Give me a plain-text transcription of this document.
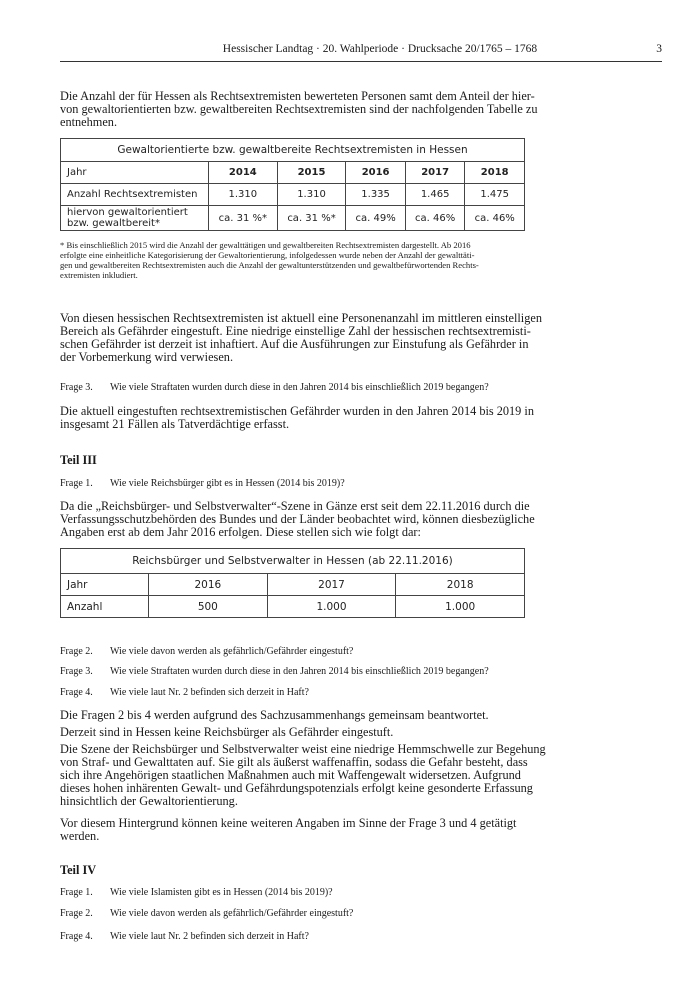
Hessischer Landtag · 20. Wahlperiode · Drucksache 20/1765 – 1768	3
Die Anzahl der für Hessen als Rechtsextremisten bewerteten Personen samt dem Anteil der hier-
von gewaltorientierten bzw. gewaltbereiten Rechtsextremisten sind der nachfolgenden Tabelle zu
entnehmen.
Gewaltorientierte bzw. gewaltbereite Rechtsextremisten in Hessen					
Jahr	2014	2015	2016	2017	2018
Anzahl Rechtsextremisten	1.310	1.310	1.335	1.465	1.475

hiervon gewaltorientiert
bzw. gewaltbereit*	ca. 31 %*	ca. 31 %*	ca. 49%	ca. 46%	ca. 46%
* Bis einschließlich 2015 wird die Anzahl der gewalttätigen und gewaltbereiten Rechtsextremisten dargestellt. Ab 2016
erfolgte eine einheitliche Kategorisierung der Gewaltorientierung, infolgedessen wurde neben der Anzahl der gewalttäti-
gen und gewaltbereiten Rechtsextremisten auch die Anzahl der gewaltunterstützenden und gewaltbefürwortenden Rechts-
extremisten inkludiert.
Von diesen hessischen Rechtsextremisten ist aktuell eine Personenanzahl im mittleren einstelligen
Bereich als Gefährder eingestuft. Eine niedrige einstellige Zahl der hessischen rechtsextremisti-
schen Gefährder ist derzeit ist inhaftiert. Auf die Ausführungen zur Einstufung als Gefährder in
der Vorbemerkung wird verwiesen.
Frage 3. Wie viele Straftaten wurden durch diese in den Jahren 2014 bis einschließlich 2019 begangen?
Die aktuell eingestuften rechtsextremistischen Gefährder wurden in den Jahren 2014 bis 2019 in
insgesamt 21 Fällen als Tatverdächtige erfasst.
Teil III
Frage 1. Wie viele Reichsbürger gibt es in Hessen (2014 bis 2019)?
Da die „Reichsbürger- und Selbstverwalter“-Szene in Gänze erst seit dem 22.11.2016 durch die
Verfassungsschutzbehörden des Bundes und der Länder beobachtet wird, können diesbezügliche
Angaben erst ab dem Jahr 2016 erfolgen. Diese stellen sich wie folgt dar:
Reichsbürger und Selbstverwalter in Hessen (ab 22.11.2016)			
Jahr	2016	2017	2018
Anzahl	500	1.000	1.000
Frage 2. Wie viele davon werden als gefährlich/Gefährder eingestuft?
Frage 3. Wie viele Straftaten wurden durch diese in den Jahren 2014 bis einschließlich 2019 begangen?
Frage 4. Wie viele laut Nr. 2 befinden sich derzeit in Haft?
Die Fragen 2 bis 4 werden aufgrund des Sachzusammenhangs gemeinsam beantwortet.
Derzeit sind in Hessen keine Reichsbürger als Gefährder eingestuft.
Die Szene der Reichsbürger und Selbstverwalter weist eine niedrige Hemmschwelle zur Begehung
von Straf- und Gewalttaten auf. Sie gilt als äußerst waffenaffin, sodass die Gefahr besteht, dass
sich ihre Angehörigen staatlichen Maßnahmen auch mit Waffengewalt widersetzen. Aufgrund
dieses hohen inhärenten Gewalt- und Gefährdungspotenzials erfolgt keine gesonderte Erfassung
hinsichtlich der Gewaltorientierung.
Vor diesem Hintergrund können keine weiteren Angaben im Sinne der Frage 3 und 4 getätigt
werden.
Teil IV
Frage 1. Wie viele Islamisten gibt es in Hessen (2014 bis 2019)?
Frage 2. Wie viele davon werden als gefährlich/Gefährder eingestuft?
Frage 4. Wie viele laut Nr. 2 befinden sich derzeit in Haft?
